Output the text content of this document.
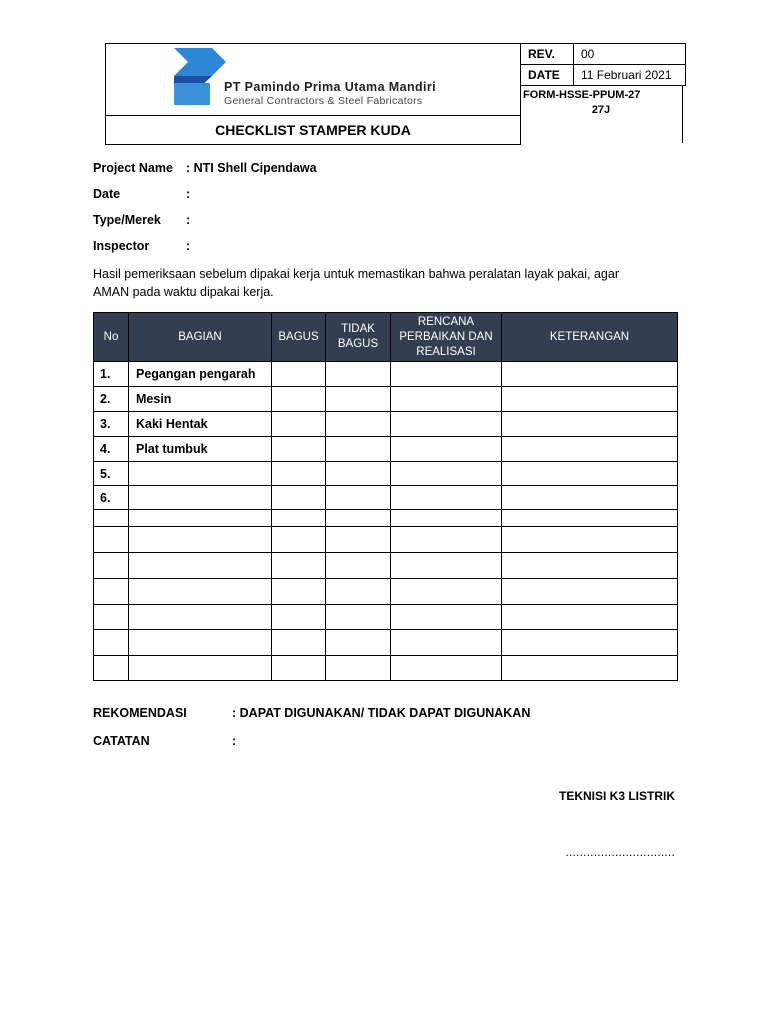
PT Pamindo Prima Utama Mandiri
General Contractors & Steel Fabricators
CHECKLIST STAMPER KUDA
REV.	00
DATE	11 Februari 2021
FORM-HSSE-PPUM-27
27J
Project Name : NTI Shell Cipendawa
Date	:
Type/Merek :
Inspector	:
Hasil pemeriksaan sebelum dipakai kerja untuk memastikan bahwa peralatan layak pakai, agar
AMAN pada waktu dipakai kerja.
No	BAGIAN	BAGUS	TIDAK BAGUS	RENCANA PERBAIKAN DAN REALISASI	KETERANGAN
1.	Pegangan pengarah				
2.	Mesin				
3.	Kaki Hentak				
4.	Plat tumbuk				
5.					
6.					

REKOMENDASI	: DAPAT DIGUNAKAN/ TIDAK DAPAT DIGUNAKAN
CATATAN	:
TEKNISI K3 LISTRIK
...............................
